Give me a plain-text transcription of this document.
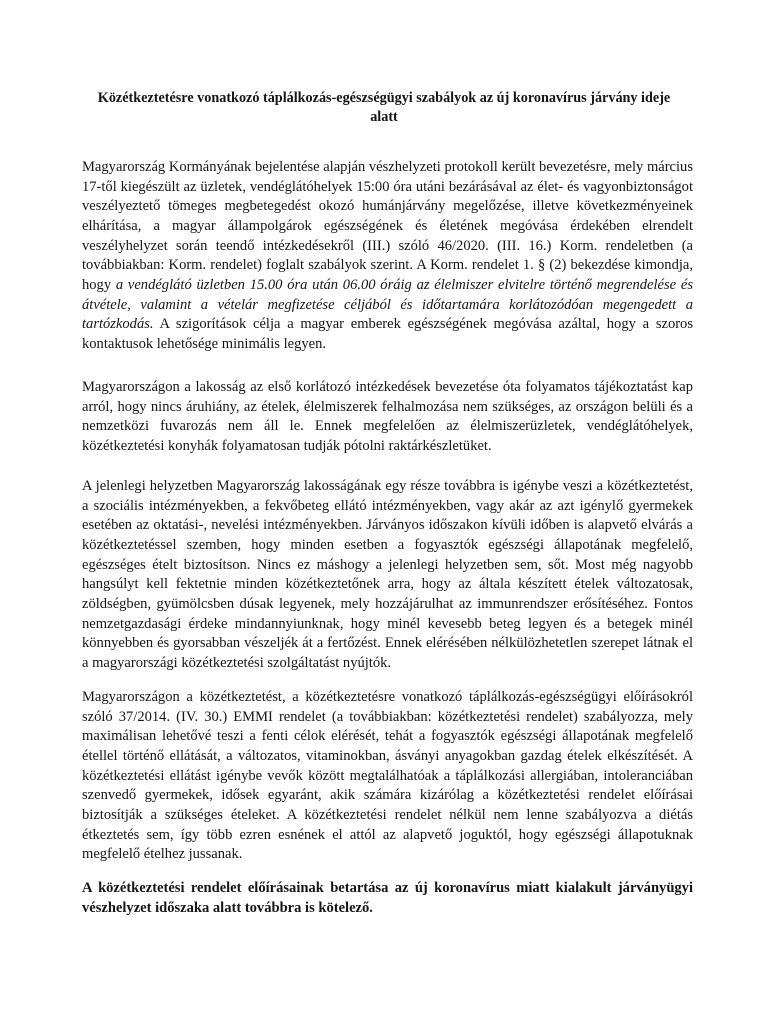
Közétkeztetésre vonatkozó táplálkozás-egészségügyi szabályok az új koronavírus járvány ideje alatt

Magyarország Kormányának bejelentése alapján vészhelyzeti protokoll került bevezetésre, mely március 17-től kiegészült az üzletek, vendéglátóhelyek 15:00 óra utáni bezárásával az élet- és vagyonbiztonságot veszélyeztető tömeges megbetegedést okozó humánjárvány megelőzése, illetve következményeinek elhárítása, a magyar állampolgárok egészségének és életének megóvása érdekében elrendelt veszélyhelyzet során teendő intézkedésekről (III.) szóló 46/2020. (III. 16.) Korm. rendeletben (a továbbiakban: Korm. rendelet) foglalt szabályok szerint. A Korm. rendelet 1. § (2) bekezdése kimondja, hogy a vendéglátó üzletben 15.00 óra után 06.00 óráig az élelmiszer elvitelre történő megrendelése és átvétele, valamint a vételár megfizetése céljából és időtartamára korlátozódóan megengedett a tartózkodás. A szigorítások célja a magyar emberek egészségének megóvása azáltal, hogy a szoros kontaktusok lehetősége minimális legyen.

Magyarországon a lakosság az első korlátozó intézkedések bevezetése óta folyamatos tájékoztatást kap arról, hogy nincs áruhiány, az ételek, élelmiszerek felhalmozása nem szükséges, az országon belüli és a nemzetközi fuvarozás nem áll le. Ennek megfelelően az élelmiszerüzletek, vendéglátóhelyek, közétkeztetési konyhák folyamatosan tudják pótolni raktárkészletüket.

A jelenlegi helyzetben Magyarország lakosságának egy része továbbra is igénybe veszi a közétkeztetést, a szociális intézményekben, a fekvőbeteg ellátó intézményekben, vagy akár az azt igénylő gyermekek esetében az oktatási-, nevelési intézményekben. Járványos időszakon kívüli időben is alapvető elvárás a közétkeztetéssel szemben, hogy minden esetben a fogyasztók egészségi állapotának megfelelő, egészséges ételt biztosítson. Nincs ez máshogy a jelenlegi helyzetben sem, sőt. Most még nagyobb hangsúlyt kell fektetnie minden közétkeztetőnek arra, hogy az általa készített ételek változatosak, zöldségben, gyümölcsben dúsak legyenek, mely hozzájárulhat az immunrendszer erősítéséhez. Fontos nemzetgazdasági érdeke mindannyiunknak, hogy minél kevesebb beteg legyen és a betegek minél könnyebben és gyorsabban vészeljék át a fertőzést. Ennek elérésében nélkülözhetetlen szerepet látnak el a magyarországi közétkeztetési szolgáltatást nyújtók.

Magyarországon a közétkeztetést, a közétkeztetésre vonatkozó táplálkozás-egészségügyi előírásokról szóló 37/2014. (IV. 30.) EMMI rendelet (a továbbiakban: közétkeztetési rendelet) szabályozza, mely maximálisan lehetővé teszi a fenti célok elérését, tehát a fogyasztók egészségi állapotának megfelelő étellel történő ellátását, a változatos, vitaminokban, ásványi anyagokban gazdag ételek elkészítését. A közétkeztetési ellátást igénybe vevők között megtalálhatóak a táplálkozási allergiában, intoleranciában szenvedő gyermekek, idősek egyaránt, akik számára kizárólag a közétkeztetési rendelet előírásai biztosítják a szükséges ételeket. A közétkeztetési rendelet nélkül nem lenne szabályozva a diétás étkeztetés sem, így több ezren esnének el attól az alapvető joguktól, hogy egészségi állapotuknak megfelelő ételhez jussanak.

A közétkeztetési rendelet előírásainak betartása az új koronavírus miatt kialakult járványügyi vészhelyzet időszaka alatt továbbra is kötelező.
